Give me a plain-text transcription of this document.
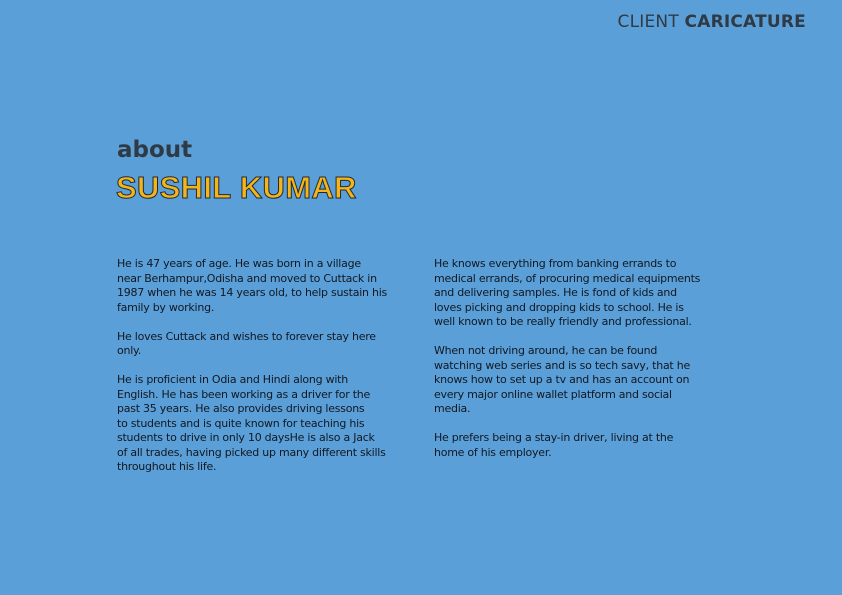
CLIENT CARICATURE
about
SUSHIL KUMAR

He is 47 years of age. He was born in a village
near Berhampur,Odisha and moved to Cuttack in
1987 when he was 14 years old, to help sustain his
family by working.

He loves Cuttack and wishes to forever stay here
only.

He is proficient in Odia and Hindi along with
English. He has been working as a driver for the
past 35 years. He also provides driving lessons
to students and is quite known for teaching his
students to drive in only 10 daysHe is also a Jack
of all trades, having picked up many different skills
throughout his life.

He knows everything from banking errands to
medical errands, of procuring medical equipments
and delivering samples. He is fond of kids and
loves picking and dropping kids to school. He is
well known to be really friendly and professional.

When not driving around, he can be found
watching web series and is so tech savy, that he
knows how to set up a tv and has an account on
every major online wallet platform and social
media.

He prefers being a stay-in driver, living at the
home of his employer.
